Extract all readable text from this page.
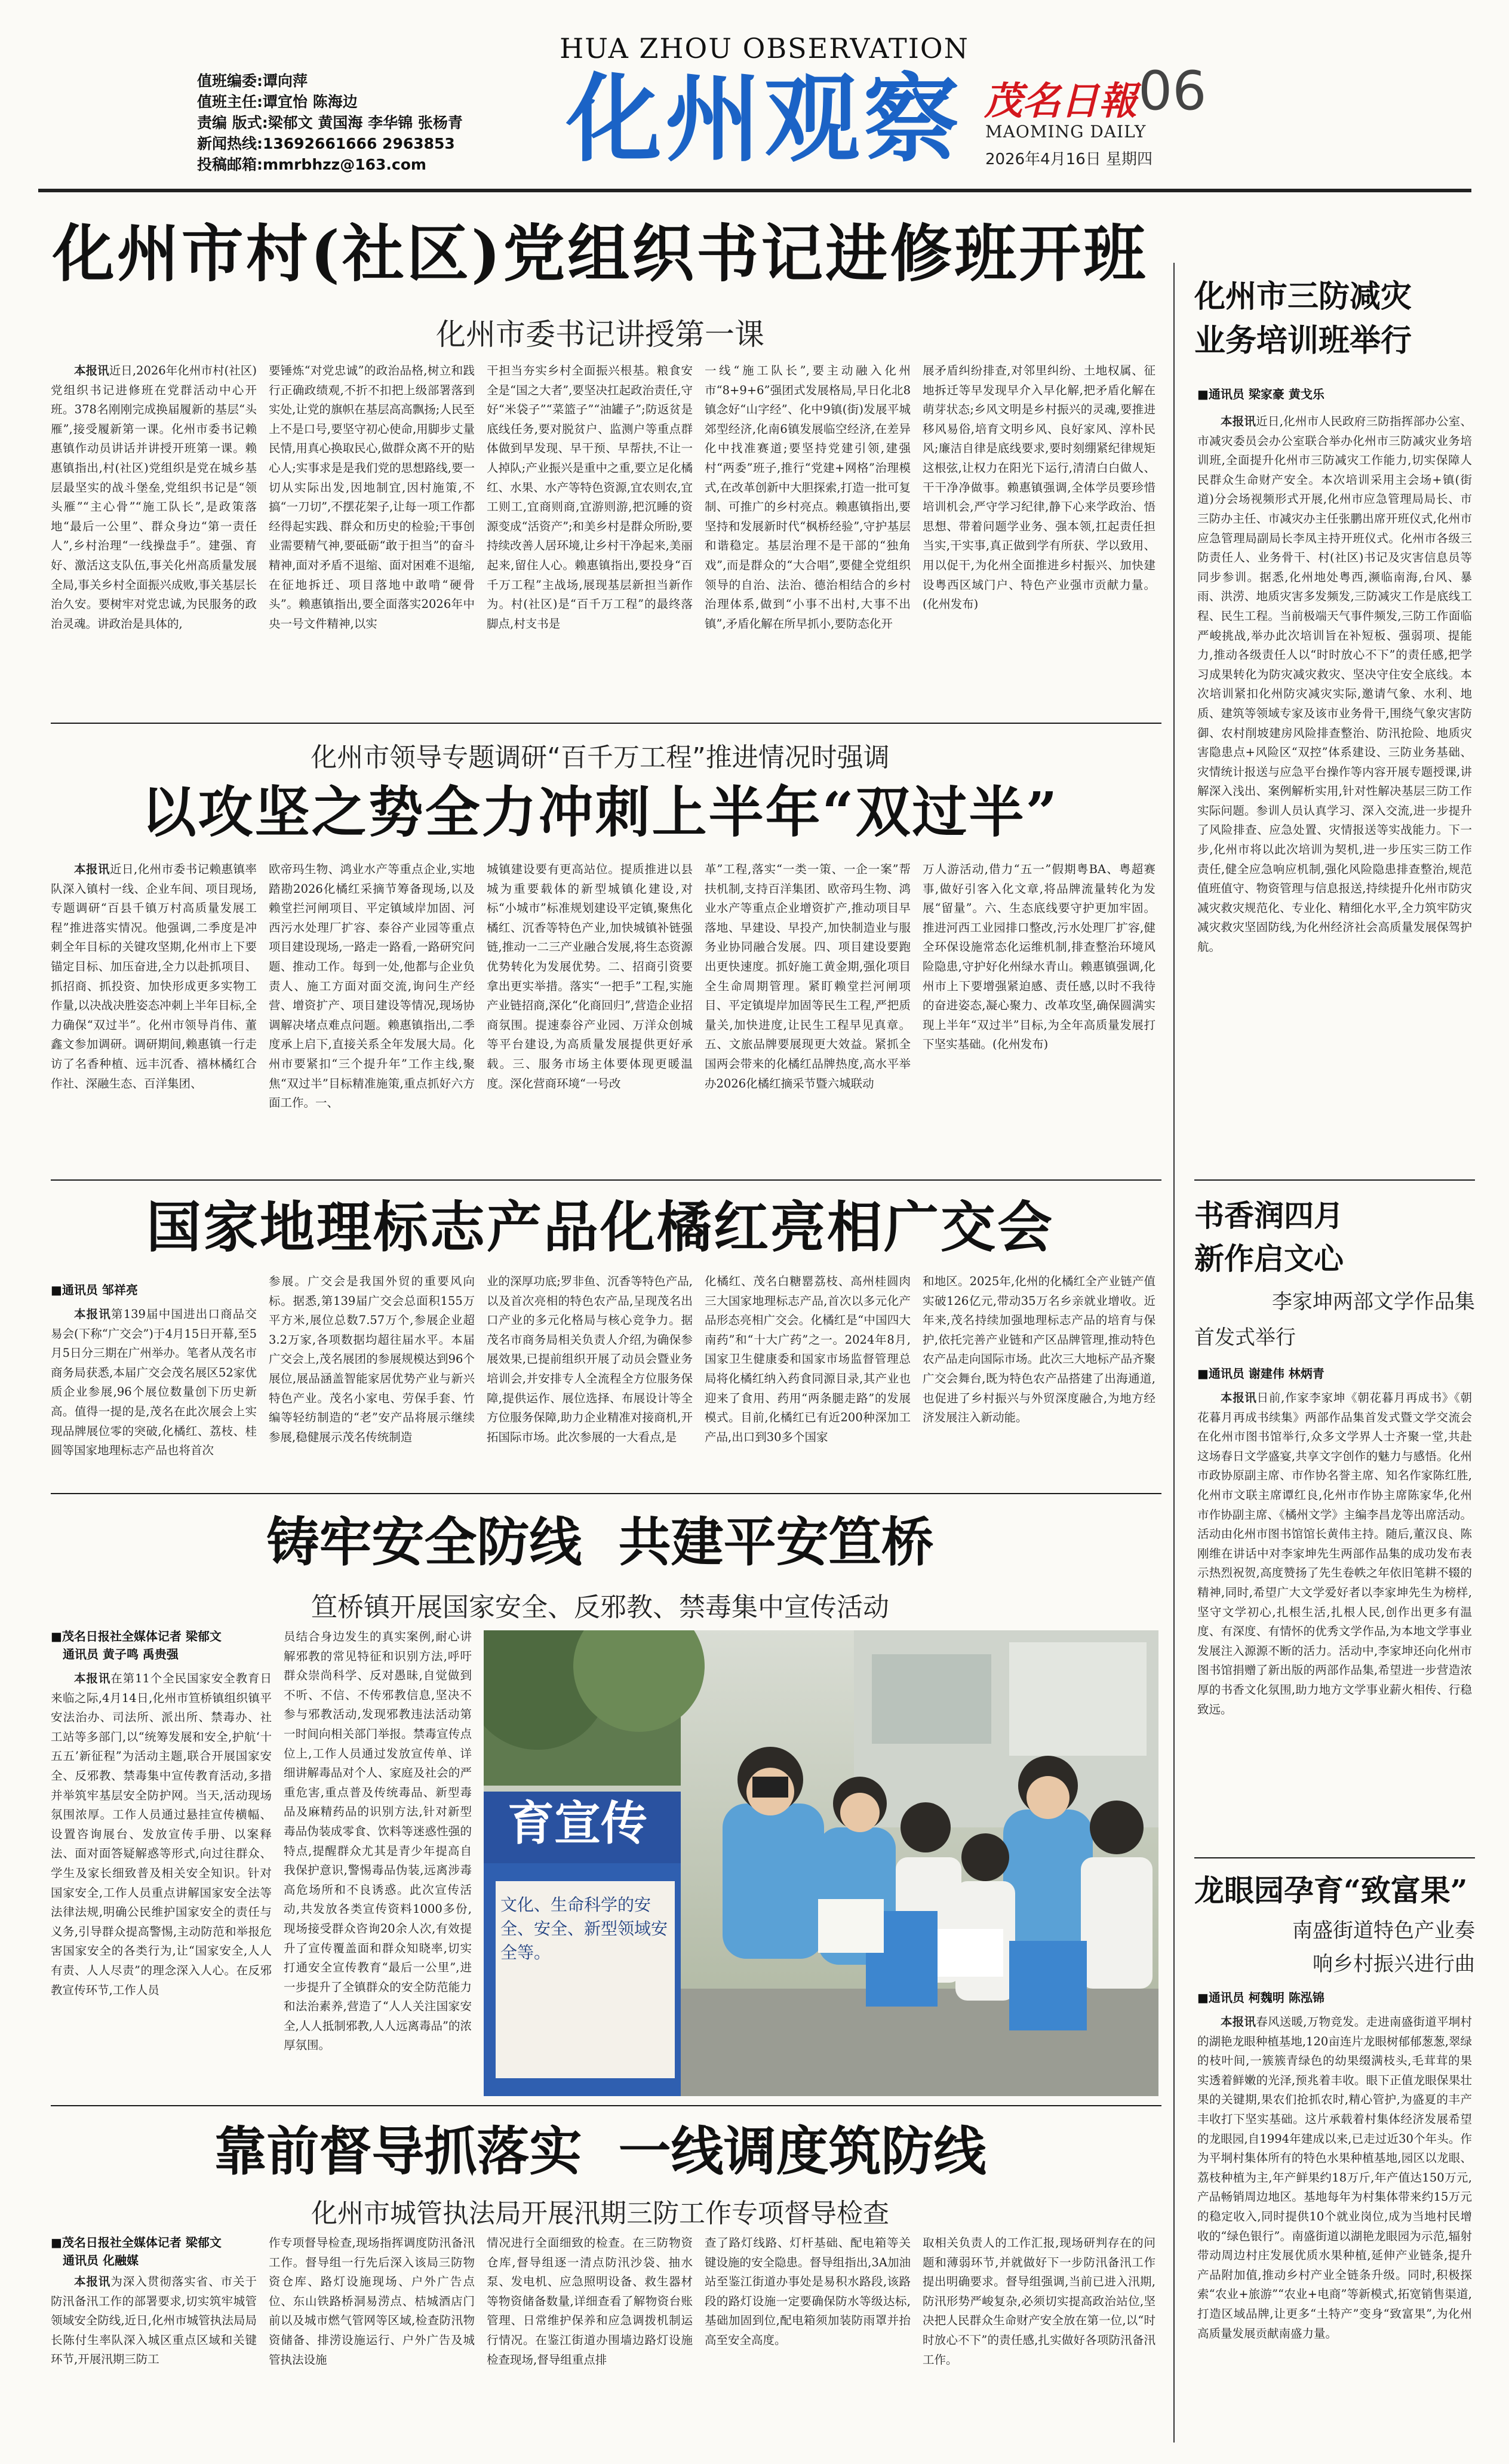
值班编委:谭向萍
值班主任:谭宜怡 陈海边
责编 版式:梁郁文 黄国海 李华锦 张杨青
新闻热线:13692661666 2963853
投稿邮箱:mmrbhzz@163.com
HUA ZHOU OBSERVATION
化州观察 茂名日報 06
MAOMING DAILY
2026年4月16日 星期四
化州市村(社区)党组织书记进修班开班
化州市委书记讲授第一课

本报讯近日,2026年化州市村(社区)党组织书记进修班在党群活动中心开班。378名刚刚完成换届履新的基层“头雁”,接受履新第一课。化州市委书记赖惠镇作动员讲话并讲授开班第一课。赖惠镇指出,村(社区)党组织是党在城乡基层最坚实的战斗堡垒,党组织书记是“领头雁”“主心骨”“施工队长”,是政策落地“最后一公里”、群众身边“第一责任人”,乡村治理“一线操盘手”。建强、育好、激活这支队伍,事关化州高质量发展全局,事关乡村全面振兴成败,事关基层长治久安。要树牢对党忠诚,为民服务的政治灵魂。讲政治是具体的,

要锤炼“对党忠诚”的政治品格,树立和践行正确政绩观,不折不扣把上级部署落到实处,让党的旗帜在基层高高飘扬;人民至上不是口号,要坚守初心使命,用脚步丈量民情,用真心换取民心,做群众离不开的贴心人;实事求是是我们党的思想路线,要一切从实际出发,因地制宜,因村施策,不搞“一刀切”,不摆花架子,让每一项工作都经得起实践、群众和历史的检验;干事创业需要精气神,要砥砺“敢于担当”的奋斗精神,面对矛盾不退缩、面对困难不退缩,在征地拆迁、项目落地中敢啃“硬骨头”。赖惠镇指出,要全面落实2026年中央一号文件精神,以实

干担当夯实乡村全面振兴根基。粮食安全是“国之大者”,要坚决扛起政治责任,守好“米袋子”“菜篮子”“油罐子”;防返贫是底线任务,要对脱贫户、监测户等重点群体做到早发现、早干预、早帮扶,不让一人掉队;产业振兴是重中之重,要立足化橘红、水果、水产等特色资源,宜农则农,宜工则工,宜商则商,宜游则游,把沉睡的资源变成“活资产”;和美乡村是群众所盼,要持续改善人居环境,让乡村干净起来,美丽起来,留住人心。赖惠镇指出,要投身“百千万工程”主战场,展现基层新担当新作为。村(社区)是“百千万工程”的最终落脚点,村支书是

一线“施工队长”,要主动融入化州市“8+9+6”强团式发展格局,早日化北8镇念好“山字经”、化中9镇(街)发展平城郊型经济,化南6镇发展临空经济,在差异化中找准赛道;要坚持党建引领,建强村“两委”班子,推行“党建+网格”治理模式,在改革创新中大胆探索,打造一批可复制、可推广的乡村亮点。赖惠镇指出,要坚持和发展新时代“枫桥经验”,守护基层和谐稳定。基层治理不是干部的“独角戏”,而是群众的“大合唱”,要健全党组织领导的自治、法治、德治相结合的乡村治理体系,做到“小事不出村,大事不出镇”,矛盾化解在所早抓小,要防态化开

展矛盾纠纷排查,对邻里纠纷、土地权属、征地拆迁等早发现早介入早化解,把矛盾化解在萌芽状态;乡风文明是乡村振兴的灵魂,要推进移风易俗,培育文明乡风、良好家风、淳朴民风;廉洁自律是底线要求,要时刻绷紧纪律规矩这根弦,让权力在阳光下运行,清清白白做人、干干净净做事。赖惠镇强调,全体学员要珍惜培训机会,严守学习纪律,静下心来学政治、悟思想、带着问题学业务、强本领,扛起责任担当实,干实事,真正做到学有所获、学以致用、用以促干,为化州全面推进乡村振兴、加快建设粤西区域门户、特色产业强市贡献力量。(化州发布)

化州市三防减灾
业务培训班举行
■通讯员 梁家豪 黄戈乐

本报讯近日,化州市人民政府三防指挥部办公室、市减灾委员会办公室联合举办化州市三防减灾业务培训班,全面提升化州市三防减灾工作能力,切实保障人民群众生命财产安全。本次培训采用主会场+镇(街道)分会场视频形式开展,化州市应急管理局局长、市三防办主任、市减灾办主任张鹏出席开班仪式,化州市应急管理局副局长李凤主持开班仪式。化州市各级三防责任人、业务骨干、村(社区)书记及灾害信息员等同步参训。据悉,化州地处粤西,濒临南海,台风、暴雨、洪涝、地质灾害多发频发,三防减灾工作是底线工程、民生工程。当前极端天气事件频发,三防工作面临严峻挑战,举办此次培训旨在补短板、强弱项、提能力,推动各级责任人以“时时放心不下”的责任感,把学习成果转化为防灾减灾救灾、坚决守住安全底线。本次培训紧扣化州防灾减灾实际,邀请气象、水利、地质、建筑等领域专家及该市业务骨干,围绕气象灾害防御、农村削坡建房风险排查整治、防汛抢险、地质灾害隐患点+风险区“双控”体系建设、三防业务基础、灾情统计报送与应急平台操作等内容开展专题授课,讲解深入浅出、案例解析实用,针对性解决基层三防工作实际问题。参训人员认真学习、深入交流,进一步提升了风险排查、应急处置、灾情报送等实战能力。下一步,化州市将以此次培训为契机,进一步压实三防工作责任,健全应急响应机制,强化风险隐患排查整治,规范值班值守、物资管理与信息报送,持续提升化州市防灾减灾救灾规范化、专业化、精细化水平,全力筑牢防灾减灾救灾坚固防线,为化州经济社会高质量发展保驾护航。

化州市领导专题调研“百千万工程”推进情况时强调
以攻坚之势全力冲刺上半年“双过半”

本报讯近日,化州市委书记赖惠镇率队深入镇村一线、企业车间、项目现场,专题调研“百县千镇万村高质量发展工程”推进落实情况。他强调,二季度是冲刺全年目标的关键攻坚期,化州市上下要锚定目标、加压奋进,全力以赴抓项目、抓招商、抓投资、加快形成更多实物工作量,以决战决胜姿态冲刺上半年目标,全力确保“双过半”。化州市领导肖伟、董鑫文参加调研。调研期间,赖惠镇一行走访了名香种植、远丰沉香、禧林橘红合作社、深融生态、百洋集团、

欧帝玛生物、鸿业水产等重点企业,实地踏勘2026化橘红采摘节筹备现场,以及赖堂拦河闸项目、平定镇域岸加固、河西污水处理厂扩容、泰谷产业园等重点项目建设现场,一路走一路看,一路研究问题、推动工作。每到一处,他都与企业负责人、施工方面对面交流,询问生产经营、增资扩产、项目建设等情况,现场协调解决堵点难点问题。赖惠镇指出,二季度承上启下,直接关系全年发展大局。化州市要紧扣“三个提升年”工作主线,聚焦“双过半”目标精准施策,重点抓好六方面工作。一、

城镇建设要有更高站位。提质推进以县城为重要载体的新型城镇化建设,对标“小城市”标准规划建设平定镇,聚焦化橘红、沉香等特色产业,加快城镇补链强链,推动一二三产业融合发展,将生态资源优势转化为发展优势。二、招商引资要拿出更实举措。落实“一把手”工程,实施产业链招商,深化“化商回归”,营造企业招商氛围。提速泰谷产业园、万洋众创城等平台建设,为高质量发展提供更好承载。三、服务市场主体要体现更暖温度。深化营商环境“一号改

革”工程,落实“一类一策、一企一案”帮扶机制,支持百洋集团、欧帝玛生物、鸿业水产等重点企业增资扩产,推动项目早落地、早建设、早投产,加快制造业与服务业协同融合发展。四、项目建设要跑出更快速度。抓好施工黄金期,强化项目全生命周期管理。紧盯赖堂拦河闸项目、平定镇堤岸加固等民生工程,严把质量关,加快进度,让民生工程早见真章。五、文旅品牌要展现更大效益。紧抓全国两会带来的化橘红品牌热度,高水平举办2026化橘红摘采节暨六城联动

万人游活动,借力“五一”假期粤BA、粤超赛事,做好引客入化文章,将品牌流量转化为发展“留量”。六、生态底线要守护更加牢固。推进河西工业园排口整改,污水处理厂扩容,健全环保设施常态化运维机制,排查整治环境风险隐患,守护好化州绿水青山。赖惠镇强调,化州市上下要增强紧迫感、责任感,以时不我待的奋进姿态,凝心聚力、改革攻坚,确保圆满实现上半年“双过半”目标,为全年高质量发展打下坚实基础。(化州发布)

书香润四月
新作启文心
李家坤两部文学作品集
首发式举行
■通讯员 谢建伟 林炳青

本报讯日前,作家李家坤《朝花暮月再成书》《朝花暮月再成书续集》两部作品集首发式暨文学交流会在化州市图书馆举行,众多文学界人士齐聚一堂,共赴这场春日文学盛宴,共享文字创作的魅力与感悟。化州市政协原副主席、市作协名誉主席、知名作家陈红胜,化州市文联主席谭红良,化州市作协主席陈家华,化州市作协副主席、《橘州文学》主编李昌龙等出席活动。活动由化州市图书馆馆长黄伟主持。随后,董汉良、陈刚维在讲话中对李家坤先生两部作品集的成功发布表示热烈祝贺,高度赞扬了先生卷帙之年依旧笔耕不辍的精神,同时,希望广大文学爱好者以李家坤先生为榜样,坚守文学初心,扎根生活,扎根人民,创作出更多有温度、有深度、有情怀的优秀文学作品,为本地文学事业发展注入源源不断的活力。活动中,李家坤还向化州市图书馆捐赠了新出版的两部作品集,希望进一步营造浓厚的书香文化氛围,助力地方文学事业薪火相传、行稳致远。

国家地理标志产品化橘红亮相广交会
■通讯员 邹祥亮

本报讯第139届中国进出口商品交易会(下称“广交会”)于4月15日开幕,至5月5日分三期在广州举办。笔者从茂名市商务局获悉,本届广交会茂名展区52家优质企业参展,96个展位数量创下历史新高。值得一提的是,茂名在此次展会上实现品牌展位零的突破,化橘红、荔枝、桂圆等国家地理标志产品也将首次

参展。广交会是我国外贸的重要风向标。据悉,第139届广交会总面积155万平方米,展位总数7.57万个,参展企业超3.2万家,各项数据均超往届水平。本届广交会上,茂名展团的参展规模达到96个展位,展品涵盖智能家居优势产业与新兴特色产业。茂名小家电、劳保手套、竹编等轻纺制造的“老”安产品将展示继续参展,稳健展示茂名传统制造

业的深厚功底;罗非鱼、沉香等特色产品,以及首次亮相的特色农产品,呈现茂名出口产业的多元化格局与核心竞争力。据茂名市商务局相关负责人介绍,为确保参展效果,已提前组织开展了动员会暨业务培训会,并安排专人全流程全方位服务保障,提供运作、展位选择、布展设计等全方位服务保障,助力企业精准对接商机,开拓国际市场。此次参展的一大看点,是

化橘红、茂名白糖罂荔枝、高州桂圆肉三大国家地理标志产品,首次以多元化产品形态亮相广交会。化橘红是“中国四大南药”和“十大广药”之一。2024年8月,国家卫生健康委和国家市场监督管理总局将化橘红纳入药食同源目录,其产业也迎来了食用、药用“两条腿走路”的发展模式。目前,化橘红已有近200种深加工产品,出口到30多个国家

和地区。2025年,化州的化橘红全产业链产值实破126亿元,带动35万名乡亲就业增收。近年来,茂名持续加强地理标志产品的培育与保护,依托完善产业链和产区品牌管理,推动特色农产品走向国际市场。此次三大地标产品齐聚广交会舞台,既为特色农产品搭建了出海通道,也促进了乡村振兴与外贸深度融合,为地方经济发展注入新动能。

铸牢安全防线  共建平安笪桥
笪桥镇开展国家安全、反邪教、禁毒集中宣传活动
■茂名日报社全媒体记者 梁郁文
通讯员 黄子鸣 禹贵强

本报讯在第11个全民国家安全教育日来临之际,4月14日,化州市笪桥镇组织镇平安法治办、司法所、派出所、禁毒办、社工站等多部门,以“统筹发展和安全,护航‘十五五’新征程”为活动主题,联合开展国家安全、反邪教、禁毒集中宣传教育活动,多措并举筑牢基层安全防护网。当天,活动现场氛围浓厚。工作人员通过悬挂宣传横幅、设置咨询展台、发放宣传手册、以案释法、面对面答疑解惑等形式,向过往群众、学生及家长细致普及相关安全知识。针对国家安全,工作人员重点讲解国家安全法等法律法规,明确公民维护国家安全的责任与义务,引导群众提高警惕,主动防范和举报危害国家安全的各类行为,让“国家安全,人人有责、人人尽责”的理念深入人心。在反邪教宣传环节,工作人员

员结合身边发生的真实案例,耐心讲解邪教的常见特征和识别方法,呼吁群众崇尚科学、反对愚昧,自觉做到不听、不信、不传邪教信息,坚决不参与邪教活动,发现邪教违法活动第一时间向相关部门举报。禁毒宣传点位上,工作人员通过发放宣传单、详细讲解毒品对个人、家庭及社会的严重危害,重点普及传统毒品、新型毒品及麻精药品的识别方法,针对新型毒品伪装成零食、饮料等迷惑性强的特点,提醒群众尤其是青少年提高自我保护意识,警惕毒品伪装,远离涉毒高危场所和不良诱惑。此次宣传活动,共发放各类宣传资料1000多份,现场接受群众咨询20余人次,有效提升了宣传覆盖面和群众知晓率,切实打通安全宣传教育“最后一公里”,进一步提升了全镇群众的安全防范能力和法治素养,营造了“人人关注国家安全,人人抵制邪教,人人远离毒品”的浓厚氛围。

育宣传
文化、生命科学的安全、安全、新型领域安全等。
龙眼园孕育“致富果”
南盛街道特色产业奏
响乡村振兴进行曲
■通讯员 柯魏明 陈泓锦

本报讯春风送暖,万物竞发。走进南盛街道平垌村的湖艳龙眼种植基地,120亩连片龙眼树郁郁葱葱,翠绿的枝叶间,一簇簇青绿色的幼果缀满枝头,毛茸茸的果实透着鲜嫩的光泽,预兆着丰收。眼下正值龙眼保果壮果的关键期,果农们抢抓农时,精心管护,为盛夏的丰产丰收打下坚实基础。这片承载着村集体经济发展希望的龙眼园,自1994年建成以来,已走过近30个年头。作为平垌村集体所有的特色水果种植基地,园区以龙眼、荔枝种植为主,年产鲜果约18万斤,年产值达150万元,产品畅销周边地区。基地每年为村集体带来约15万元的稳定收入,同时提供10个就业岗位,成为当地村民增收的“绿色银行”。南盛街道以湖艳龙眼园为示范,辐射带动周边村庄发展优质水果种植,延伸产业链条,提升产品附加值,推动乡村产业全链条升级。同时,积极探索“农业+旅游”“农业+电商”等新模式,拓宽销售渠道,打造区域品牌,让更多“土特产”变身“致富果”,为化州高质量发展贡献南盛力量。

靠前督导抓落实  一线调度筑防线
化州市城管执法局开展汛期三防工作专项督导检查
■茂名日报社全媒体记者 梁郁文
通讯员 化融媒

本报讯为深入贯彻落实省、市关于防汛备汛工作的部署要求,切实筑牢城管领域安全防线,近日,化州市城管执法局局长陈付生率队深入城区重点区域和关键环节,开展汛期三防工

作专项督导检查,现场指挥调度防汛备汛工作。督导组一行先后深入该局三防物资仓库、路灯设施现场、户外广告点位、东山铁路桥洞易涝点、桔城酒店门前以及城市燃气管网等区域,检查防汛物资储备、排涝设施运行、户外广告及城管执法设施

情况进行全面细致的检查。在三防物资仓库,督导组逐一清点防汛沙袋、抽水泵、发电机、应急照明设备、救生器材等物资储备数量,详细查看了解物资台账管理、日常维护保养和应急调拨机制运行情况。在鉴江街道办围墙边路灯设施检查现场,督导组重点排

查了路灯线路、灯杆基础、配电箱等关键设施的安全隐患。督导组指出,3A加油站至鉴江街道办事处是易积水路段,该路段的路灯设施一定要确保防水等级达标,基础加固到位,配电箱须加装防雨罩并抬高至安全高度。

取相关负责人的工作汇报,现场研判存在的问题和薄弱环节,并就做好下一步防汛备汛工作提出明确要求。督导组强调,当前已进入汛期,防汛形势严峻复杂,必须切实提高政治站位,坚决把人民群众生命财产安全放在第一位,以“时时放心不下”的责任感,扎实做好各项防汛备汛工作。
